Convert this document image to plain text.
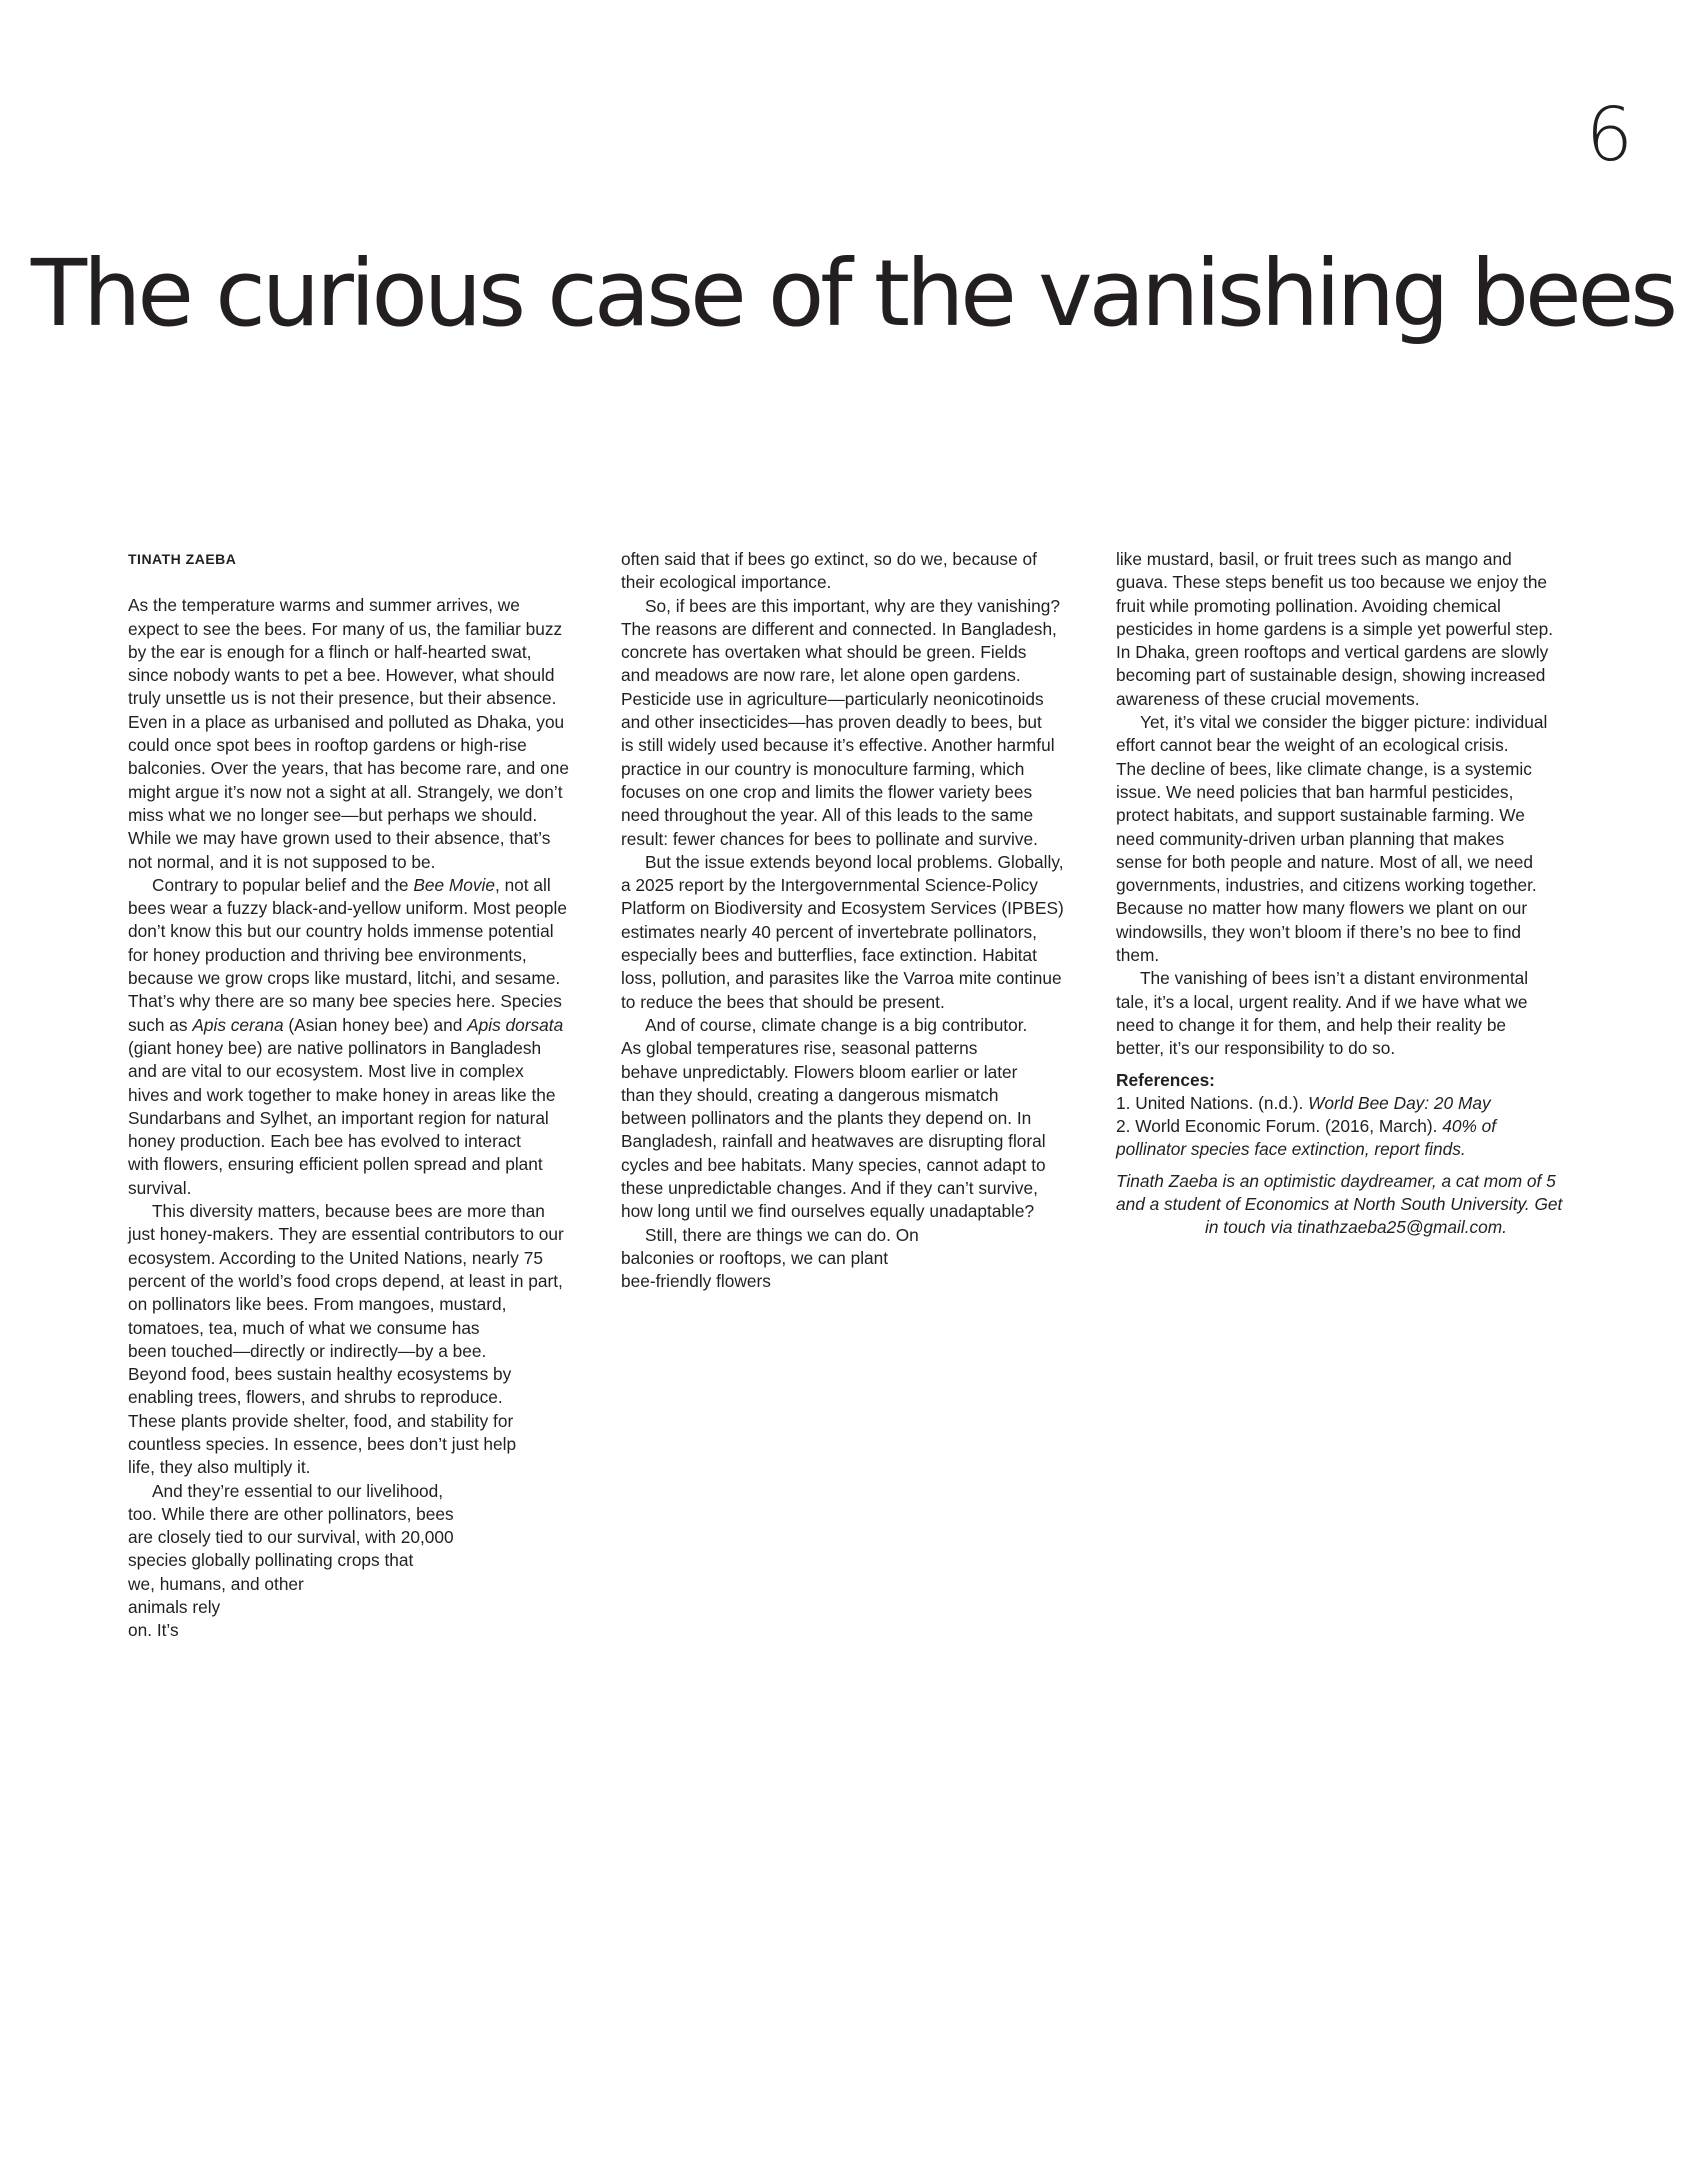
6
The curious case of the vanishing bees
TINATH ZAEBA
As the temperature warms and summer arrives, we
expect to see the bees. For many of us, the familiar buzz
by the ear is enough for a flinch or half-hearted swat,
since nobody wants to pet a bee. However, what should
truly unsettle us is not their presence, but their absence.
Even in a place as urbanised and polluted as Dhaka, you
could once spot bees in rooftop gardens or high-rise
balconies. Over the years, that has become rare, and one
might argue it’s now not a sight at all. Strangely, we don’t
miss what we no longer see—but perhaps we should.
While we may have grown used to their absence, that’s
not normal, and it is not supposed to be.
Contrary to popular belief and the Bee Movie, not all
bees wear a fuzzy black-and-yellow uniform. Most people
don’t know this but our country holds immense potential
for honey production and thriving bee environments,
because we grow crops like mustard, litchi, and sesame.
That’s why there are so many bee species here. Species
such as Apis cerana (Asian honey bee) and Apis dorsata
(giant honey bee) are native pollinators in Bangladesh
and are vital to our ecosystem. Most live in complex
hives and work together to make honey in areas like the
Sundarbans and Sylhet, an important region for natural
honey production. Each bee has evolved to interact
with flowers, ensuring efficient pollen spread and plant
survival.
This diversity matters, because bees are more than
just honey-makers. They are essential contributors to our
ecosystem. According to the United Nations, nearly 75
percent of the world’s food crops depend, at least in part,
on pollinators like bees. From mangoes, mustard,
tomatoes, tea, much of what we consume has
been touched—directly or indirectly—by a bee.
Beyond food, bees sustain healthy ecosystems by
enabling trees, flowers, and shrubs to reproduce.
These plants provide shelter, food, and stability for
countless species. In essence, bees don’t just help
life, they also multiply it.
And they’re essential to our livelihood,
too. While there are other pollinators, bees
are closely tied to our survival, with 20,000
species globally pollinating crops that
we, humans, and other
animals rely
on. It’s
often said that if bees go extinct, so do we, because of
their ecological importance.
So, if bees are this important, why are they vanishing?
The reasons are different and connected. In Bangladesh,
concrete has overtaken what should be green. Fields
and meadows are now rare, let alone open gardens.
Pesticide use in agriculture—particularly neonicotinoids
and other insecticides—has proven deadly to bees, but
is still widely used because it’s effective. Another harmful
practice in our country is monoculture farming, which
focuses on one crop and limits the flower variety bees
need throughout the year. All of this leads to the same
result: fewer chances for bees to pollinate and survive.
But the issue extends beyond local problems. Globally,
a 2025 report by the Intergovernmental Science-Policy
Platform on Biodiversity and Ecosystem Services (IPBES)
estimates nearly 40 percent of invertebrate pollinators,
especially bees and butterflies, face extinction. Habitat
loss, pollution, and parasites like the Varroa mite continue
to reduce the bees that should be present.
And of course, climate change is a big contributor.
As global temperatures rise, seasonal patterns
behave unpredictably. Flowers bloom earlier or later
than they should, creating a dangerous mismatch
between pollinators and the plants they depend on. In
Bangladesh, rainfall and heatwaves are disrupting floral
cycles and bee habitats. Many species, cannot adapt to
these unpredictable changes. And if they can’t survive,
how long until we find ourselves equally unadaptable?
Still, there are things we can do. On
balconies or rooftops, we can plant
bee-friendly flowers
like mustard, basil, or fruit trees such as mango and
guava. These steps benefit us too because we enjoy the
fruit while promoting pollination. Avoiding chemical
pesticides in home gardens is a simple yet powerful step.
In Dhaka, green rooftops and vertical gardens are slowly
becoming part of sustainable design, showing increased
awareness of these crucial movements.
Yet, it’s vital we consider the bigger picture: individual
effort cannot bear the weight of an ecological crisis.
The decline of bees, like climate change, is a systemic
issue. We need policies that ban harmful pesticides,
protect habitats, and support sustainable farming. We
need community-driven urban planning that makes
sense for both people and nature. Most of all, we need
governments, industries, and citizens working together.
Because no matter how many flowers we plant on our
windowsills, they won’t bloom if there’s no bee to find
them.
The vanishing of bees isn’t a distant environmental
tale, it’s a local, urgent reality. And if we have what we
need to change it for them, and help their reality be
better, it’s our responsibility to do so.
References:
1. United Nations. (n.d.). World Bee Day: 20 May
2. World Economic Forum. (2016, March). 40% of
pollinator species face extinction, report finds.
Tinath Zaeba is an optimistic daydreamer, a cat mom of 5
and a student of Economics at North South University. Get
in touch via tinathzaeba25@gmail.com.
